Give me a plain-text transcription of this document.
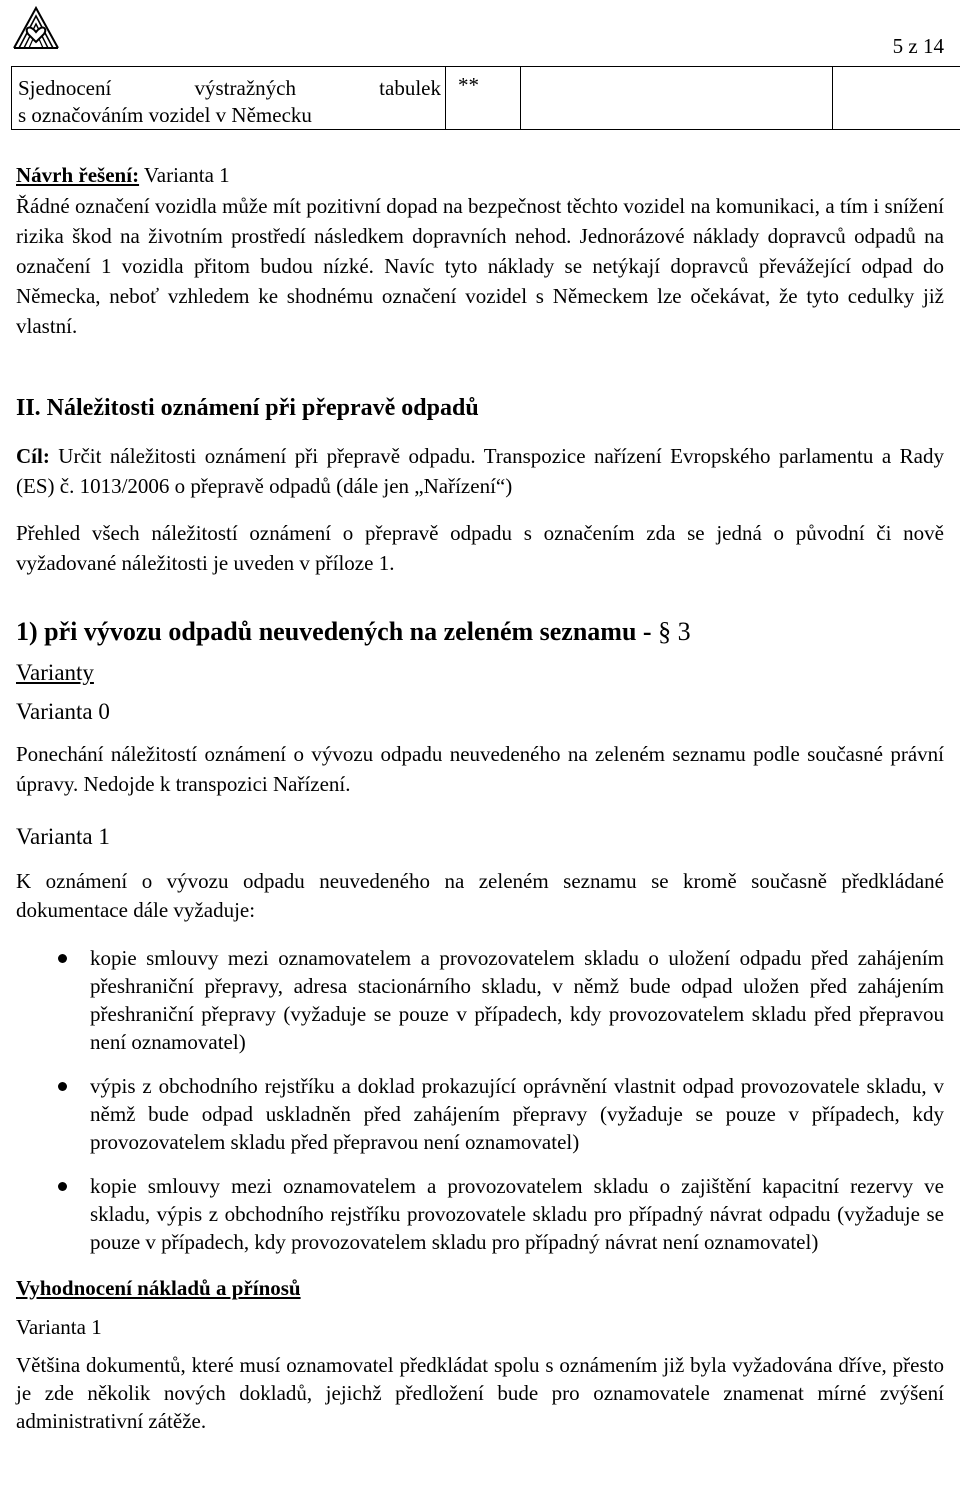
5 z 14
Sjednocení výstražných tabulek
s označováním vozidel v Německu	**		

Návrh řešení: Varianta 1

Řádné označení vozidla může mít pozitivní dopad na bezpečnost těchto vozidel na komunikaci, a tím i snížení rizika škod na životním prostředí následkem dopravních nehod. Jednorázové náklady dopravců odpadů na označení 1 vozidla přitom budou nízké. Navíc tyto náklady se netýkají dopravců převážející odpad do Německa, neboť vzhledem ke shodnému označení vozidel s Německem lze očekávat, že tyto cedulky již vlastní.

II. Náležitosti oznámení při přepravě odpadů

Cíl: Určit náležitosti oznámení při přepravě odpadu. Transpozice nařízení Evropského parlamentu a Rady (ES) č. 1013/2006 o přepravě odpadů (dále jen „Nařízení“)

Přehled všech náležitostí oznámení o přepravě odpadu s označením zda se jedná o původní či nově vyžadované náležitosti je uveden v příloze 1.

1) při vývozu odpadů neuvedených na zeleném seznamu - § 3

Varianty

Varianta 0

Ponechání náležitostí oznámení o vývozu odpadu neuvedeného na zeleném seznamu podle současné právní úpravy. Nedojde k transpozici Nařízení.

Varianta 1

K oznámení o vývozu odpadu neuvedeného na zeleném seznamu se kromě současně předkládané dokumentace dále vyžaduje:

kopie smlouvy mezi oznamovatelem a provozovatelem skladu o uložení odpadu před zahájením přeshraniční přepravy, adresa stacionárního skladu, v němž bude odpad uložen před zahájením přeshraniční přepravy (vyžaduje se pouze v případech, kdy provozovatelem skladu před přepravou není oznamovatel)
výpis z obchodního rejstříku a doklad prokazující oprávnění vlastnit odpad provozovatele skladu, v němž bude odpad uskladněn před zahájením přepravy (vyžaduje se pouze v případech, kdy provozovatelem skladu před přepravou není oznamovatel)
kopie smlouvy mezi oznamovatelem a provozovatelem skladu o zajištění kapacitní rezervy ve skladu, výpis z obchodního rejstříku provozovatele skladu pro případný návrat odpadu (vyžaduje se pouze v případech, kdy provozovatelem skladu pro případný návrat není oznamovatel)

Vyhodnocení nákladů a přínosů

Varianta 1

Většina dokumentů, které musí oznamovatel předkládat spolu s oznámením již byla vyžadována dříve, přesto je zde několik nových dokladů, jejichž předložení bude pro oznamovatele znamenat mírné zvýšení administrativní zátěže.
